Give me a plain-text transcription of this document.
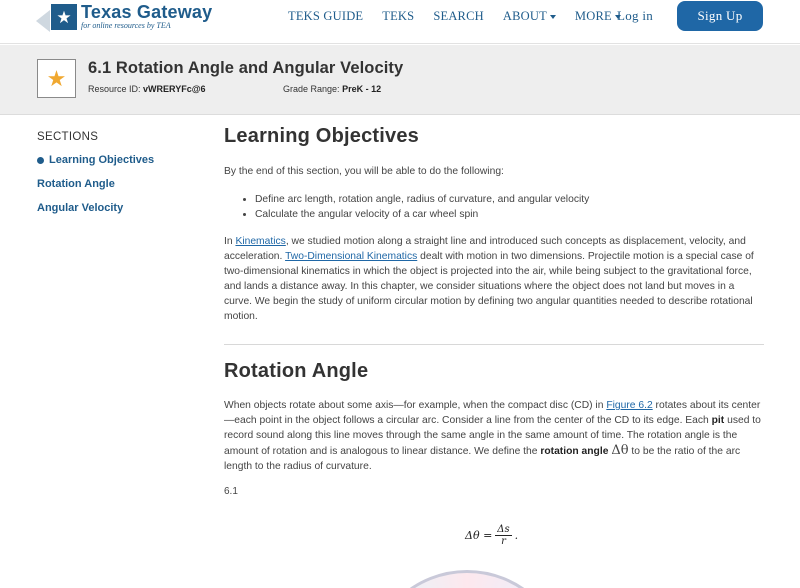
★ Texas Gateway
for online resources by TEA
TEKS GUIDE TEKS SEARCH ABOUT	MORE Log in	Sign Up
★ 6.1 Rotation Angle and Angular Velocity
Resource ID: vWRERYFc@6	Grade Range: PreK - 12
SECTIONS
Learning Objectives
Rotation Angle
Angular Velocity
Learning Objectives

By the end of this section, you will be able to do the following:

• Define arc length, rotation angle, radius of curvature, and angular velocity
• Calculate the angular velocity of a car wheel spin

In Kinematics, we studied motion along a straight line and introduced such concepts as displacement, velocity, and acceleration. Two-Dimensional Kinematics dealt with motion in two dimensions. Projectile motion is a special case of two-dimensional kinematics in which the object is projected into the air, while being subject to the gravitational force, and lands a distance away. In this chapter, we consider situations where the object does not land but moves in a curve. We begin the study of uniform circular motion by defining two angular quantities needed to describe rotational motion.

Rotation Angle

When objects rotate about some axis—for example, when the compact disc (CD) in Figure 6.2 rotates about its center—each point in the object follows a circular arc. Consider a line from the center of the CD to its edge. Each pit used to record sound along this line moves through the same angle in the same amount of time. The rotation angle is the amount of rotation and is analogous to linear distance. We define the rotation angle Δθ to be the ratio of the arc length to the radius of curvature.

6.1
$\Delta\theta = \frac{\Delta s}{r}$ .
